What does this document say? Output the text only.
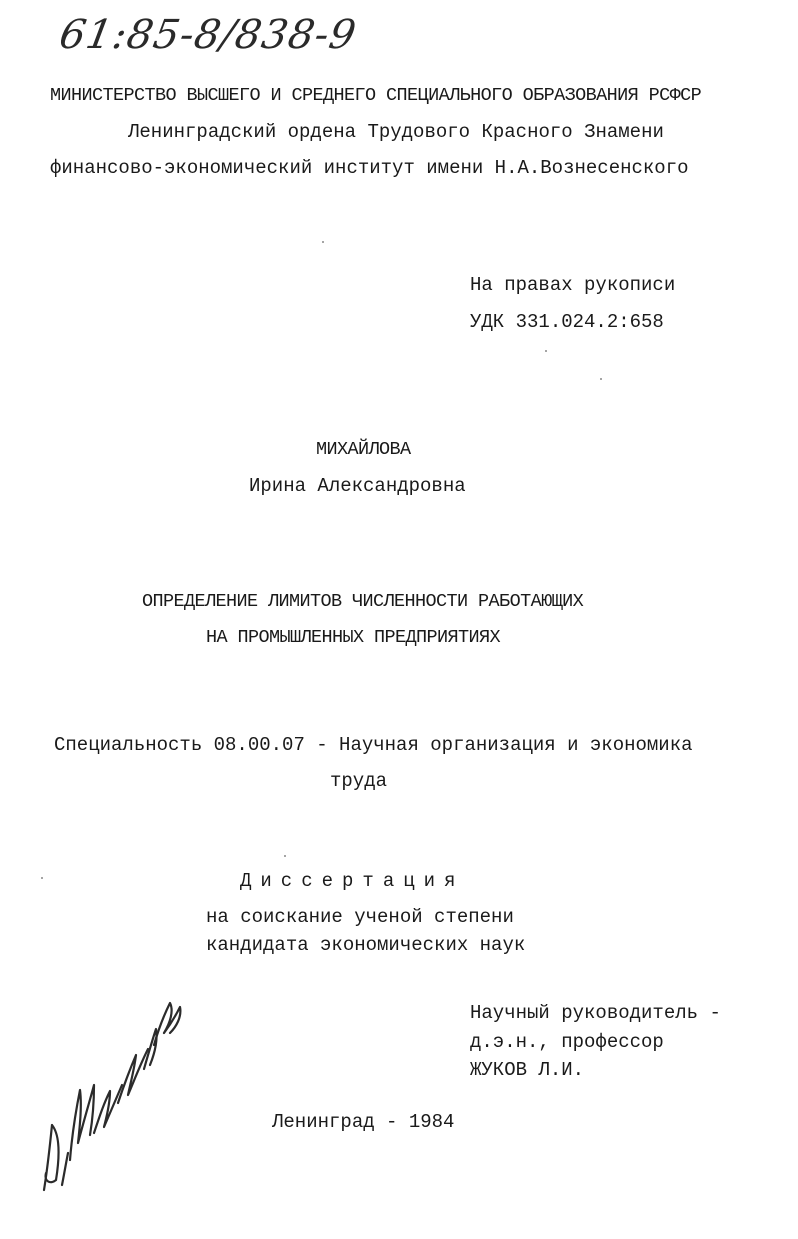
61:85-8/838-9
МИНИСТЕРСТВО ВЫСШЕГО И СРЕДНЕГО СПЕЦИАЛЬНОГО ОБРАЗОВАНИЯ РСФСР
Ленинградский ордена Трудового Красного Знамени
финансово-экономический институт имени Н.А.Вознесенского
На правах рукописи
УДК 331.024.2:658
МИХАЙЛОВА
Ирина Александровна
ОПРЕДЕЛЕНИЕ ЛИМИТОВ ЧИСЛЕННОСТИ РАБОТАЮЩИХ
НА ПРОМЫШЛЕННЫХ ПРЕДПРИЯТИЯХ
Специальность 08.00.07 - Научная организация и экономика
труда
Диссертация
на соискание ученой степени
кандидата экономических наук
Научный руководитель -
д.э.н., профессор
ЖУКОВ Л.И.
Ленинград - 1984
